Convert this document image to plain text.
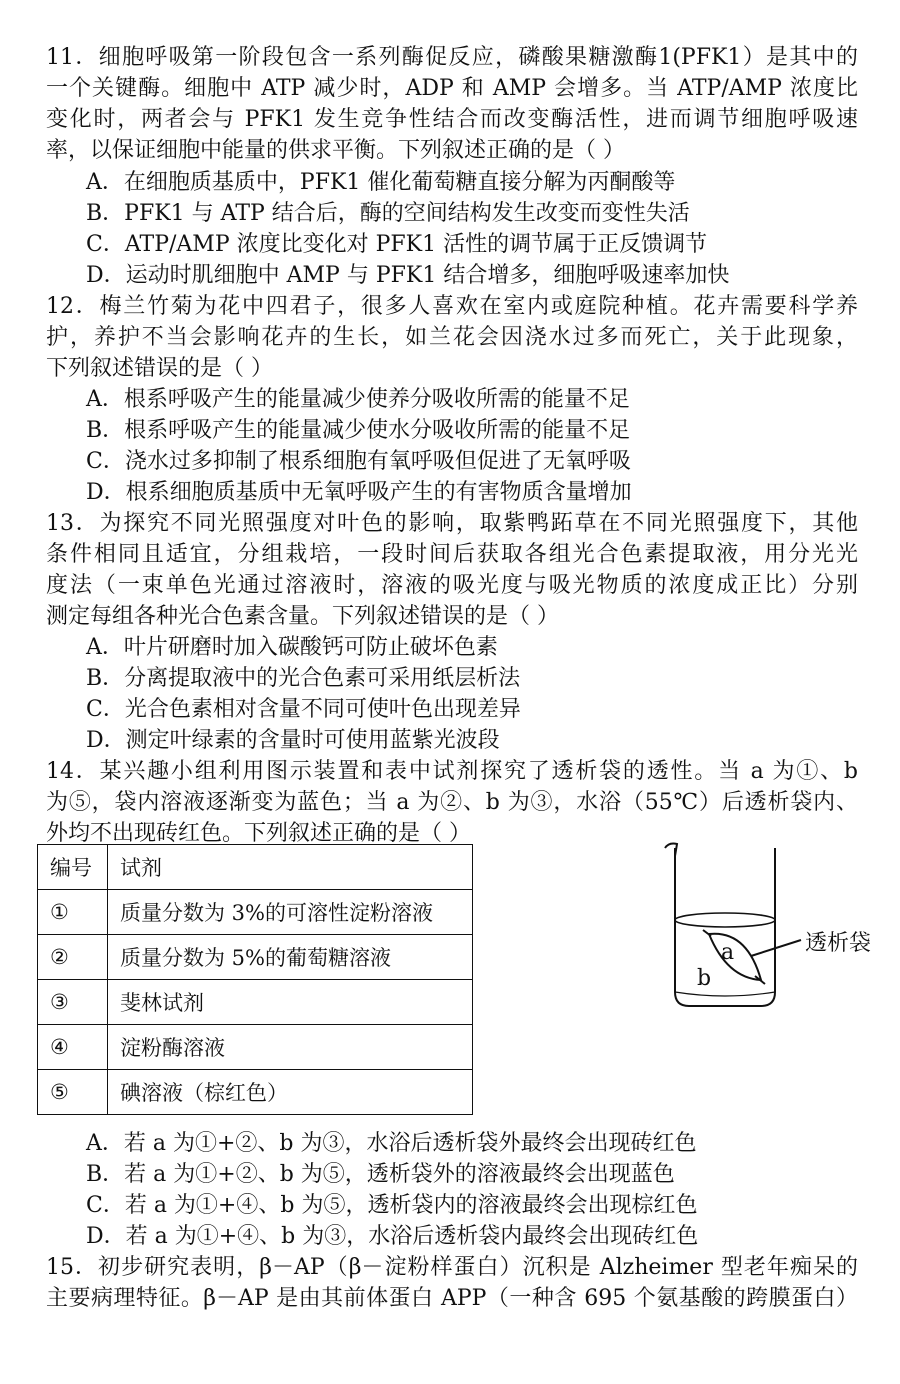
11．细胞呼吸第一阶段包含一系列酶促反应，磷酸果糖激酶1(PFK1）是其中的
一个关键酶。细胞中 ATP 减少时，ADP 和 AMP 会增多。当 ATP/AMP 浓度比
变化时，两者会与 PFK1 发生竞争性结合而改变酶活性，进而调节细胞呼吸速
率，以保证细胞中能量的供求平衡。下列叙述正确的是（ ）
A．在细胞质基质中，PFK1 催化葡萄糖直接分解为丙酮酸等
B．PFK1 与 ATP 结合后，酶的空间结构发生改变而变性失活
C．ATP/AMP 浓度比变化对 PFK1 活性的调节属于正反馈调节
D．运动时肌细胞中 AMP 与 PFK1 结合增多，细胞呼吸速率加快
12．梅兰竹菊为花中四君子，很多人喜欢在室内或庭院种植。花卉需要科学养
护，养护不当会影响花卉的生长，如兰花会因浇水过多而死亡，关于此现象，
下列叙述错误的是（ ）
A．根系呼吸产生的能量减少使养分吸收所需的能量不足
B．根系呼吸产生的能量减少使水分吸收所需的能量不足
C．浇水过多抑制了根系细胞有氧呼吸但促进了无氧呼吸
D．根系细胞质基质中无氧呼吸产生的有害物质含量增加
13．为探究不同光照强度对叶色的影响，取紫鸭跖草在不同光照强度下，其他
条件相同且适宜，分组栽培，一段时间后获取各组光合色素提取液，用分光光
度法（一束单色光通过溶液时，溶液的吸光度与吸光物质的浓度成正比）分别
测定每组各种光合色素含量。下列叙述错误的是（ ）
A．叶片研磨时加入碳酸钙可防止破坏色素
B．分离提取液中的光合色素可采用纸层析法
C．光合色素相对含量不同可使叶色出现差异
D．测定叶绿素的含量时可使用蓝紫光波段
14．某兴趣小组利用图示装置和表中试剂探究了透析袋的透性。当 a 为①、b
为⑤，袋内溶液逐渐变为蓝色；当 a 为②、b 为③，水浴（55℃）后透析袋内、
外均不出现砖红色。下列叙述正确的是（ ）
编号	试剂
①	质量分数为 3%的可溶性淀粉溶液
②	质量分数为 5%的葡萄糖溶液
③	斐林试剂
④	淀粉酶溶液
⑤	碘溶液（棕红色）
透析袋
a
b
A．若 a 为①+②、b 为③，水浴后透析袋外最终会出现砖红色
B．若 a 为①+②、b 为⑤，透析袋外的溶液最终会出现蓝色
C．若 a 为①+④、b 为⑤，透析袋内的溶液最终会出现棕红色
D．若 a 为①+④、b 为③，水浴后透析袋内最终会出现砖红色
15．初步研究表明，β－AP（β－淀粉样蛋白）沉积是 Alzheimer 型老年痴呆的
主要病理特征。β－AP 是由其前体蛋白 APP（一种含 695 个氨基酸的跨膜蛋白）
